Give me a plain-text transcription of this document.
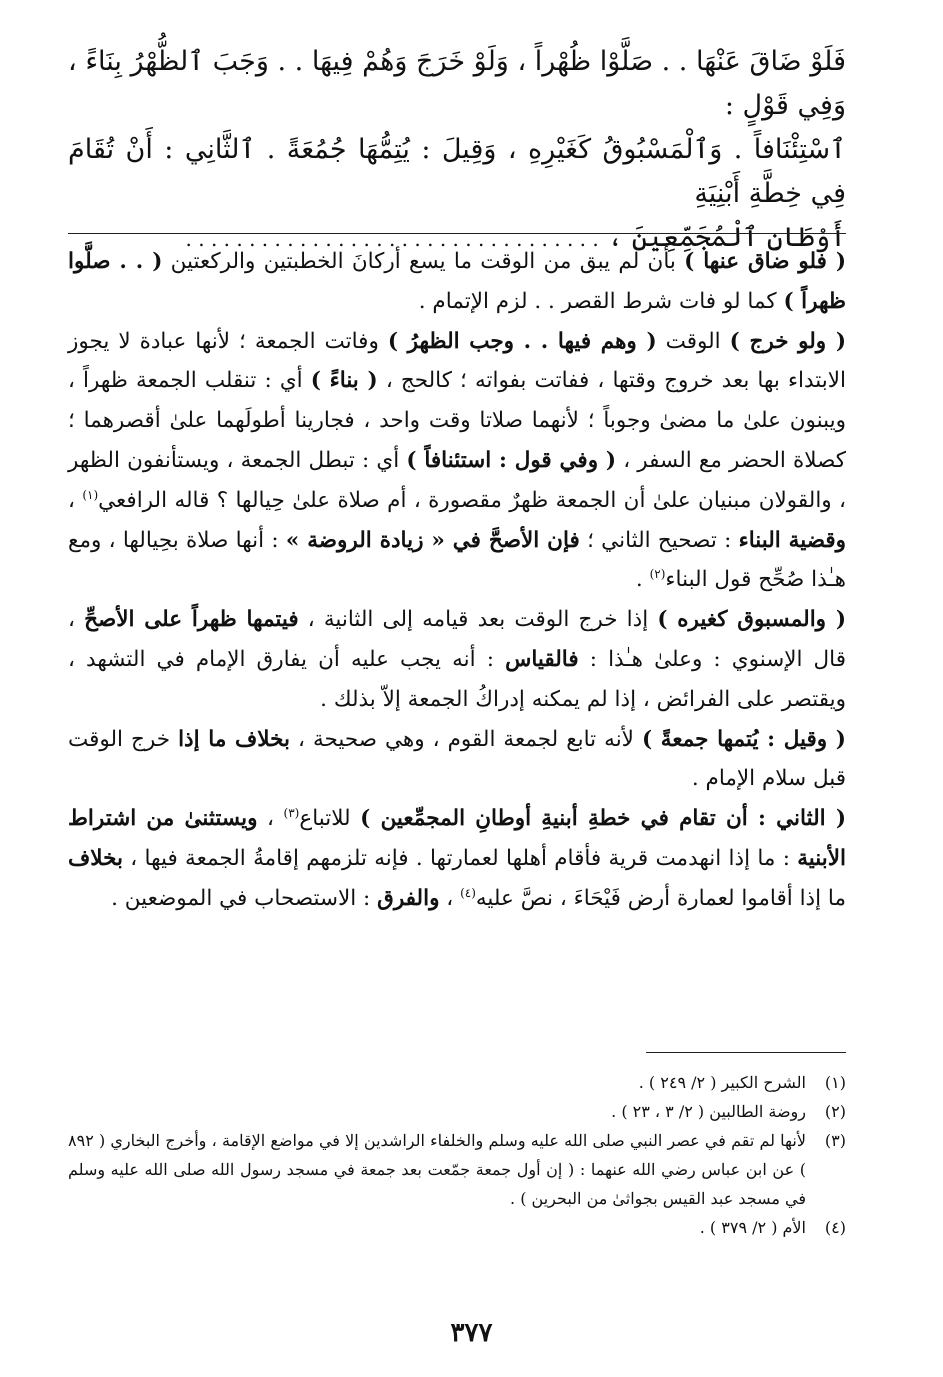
فَلَوْ ضَاقَ عَنْهَا . . صَلَّوْا ظُهْراً ، وَلَوْ خَرَجَ وَهُمْ فِيهَا . . وَجَبَ ٱلظُّهْرُ بِنَاءً ، وَفِي قَوْلٍ :

ٱسْتِئْنَافاً . وَٱلْمَسْبُوقُ كَغَيْرِهِ ، وَقِيلَ : يُتِمُّهَا جُمُعَةً . ٱلثَّانِي : أَنْ تُقَامَ فِي خِطَّةِ أَبْنِيَةِ

أَوْطَانِ ٱلْمُجَمِّعِينَ ، . . . . . . . . . . . . . . . . . . . . . . . . . . . . . . . . .

( فلو ضاق عنها ) بأن لم يبق من الوقت ما يسع أركانَ الخطبتين والركعتين ( . . صلَّوا ظهراً ) كما لو فات شرط القصر . . لزم الإتمام .

( ولو خرج ) الوقت ( وهم فيها . . وجب الظهرُ ) وفاتت الجمعة ؛ لأنها عبادة لا يجوز الابتداء بها بعد خروج وقتها ، ففاتت بفواته ؛ كالحج ، ( بناءً ) أي : تنقلب الجمعة ظهراً ، ويبنون علىٰ ما مضىٰ وجوباً ؛ لأنهما صلاتا وقت واحد ، فجارينا أطولَهما علىٰ أقصرهما ؛ كصلاة الحضر مع السفر ، ( وفي قول : استئنافاً ) أي : تبطل الجمعة ، ويستأنفون الظهر ، والقولان مبنيان علىٰ أن الجمعة ظهرٌ مقصورة ، أم صلاة علىٰ حِيالها ؟ قاله الرافعي$^{(١)}$ ، وقضية البناء : تصحيح الثاني ؛ فإن الأصحَّ في « زيادة الروضة » : أنها صلاة بحِيالها ، ومع هـٰذا صُحِّح قول البناء$^{(٢)}$ .

( والمسبوق كغيره ) إذا خرج الوقت بعد قيامه إلى الثانية ، فيتمها ظهراً على الأصحِّ ، قال الإسنوي : وعلىٰ هـٰذا : فالقياس : أنه يجب عليه أن يفارق الإمام في التشهد ، ويقتصر على الفرائض ، إذا لم يمكنه إدراكُ الجمعة إلاّ بذلك .

( وقيل : يُتمها جمعةً ) لأنه تابع لجمعة القوم ، وهي صحيحة ، بخلاف ما إذا خرج الوقت قبل سلام الإمام .

( الثاني : أن تقام في خطةِ أبنيةِ أوطانِ المجمِّعين ) للاتباع$^{(٣)}$ ، ويستثنىٰ من اشتراط الأبنية : ما إذا انهدمت قرية فأقام أهلها لعمارتها . فإنه تلزمهم إقامةُ الجمعة فيها ، بخلاف ما إذا أقاموا لعمارة أرض فَيْحَاءَ ، نصَّ عليه$^{(٤)}$ ، والفرق : الاستصحاب في الموضعين .

(١)
الشرح الكبير ( ٢/ ٢٤٩ ) .
(٢)
روضة الطالبين ( ٢/ ٣ ، ٢٣ ) .
(٣)
لأنها لم تقم في عصر النبي صلى الله عليه وسلم والخلفاء الراشدين إلا في مواضع الإقامة ، وأخرج البخاري ( ٨٩٢ ) عن ابن عباس رضي الله عنهما : ( إن أول جمعة جمّعت بعد جمعة في مسجد رسول الله صلى الله عليه وسلم في مسجد عبد القيس بجواثىٰ من البحرين ) .
(٤)
الأم ( ٢/ ٣٧٩ ) .
٣٧٧
